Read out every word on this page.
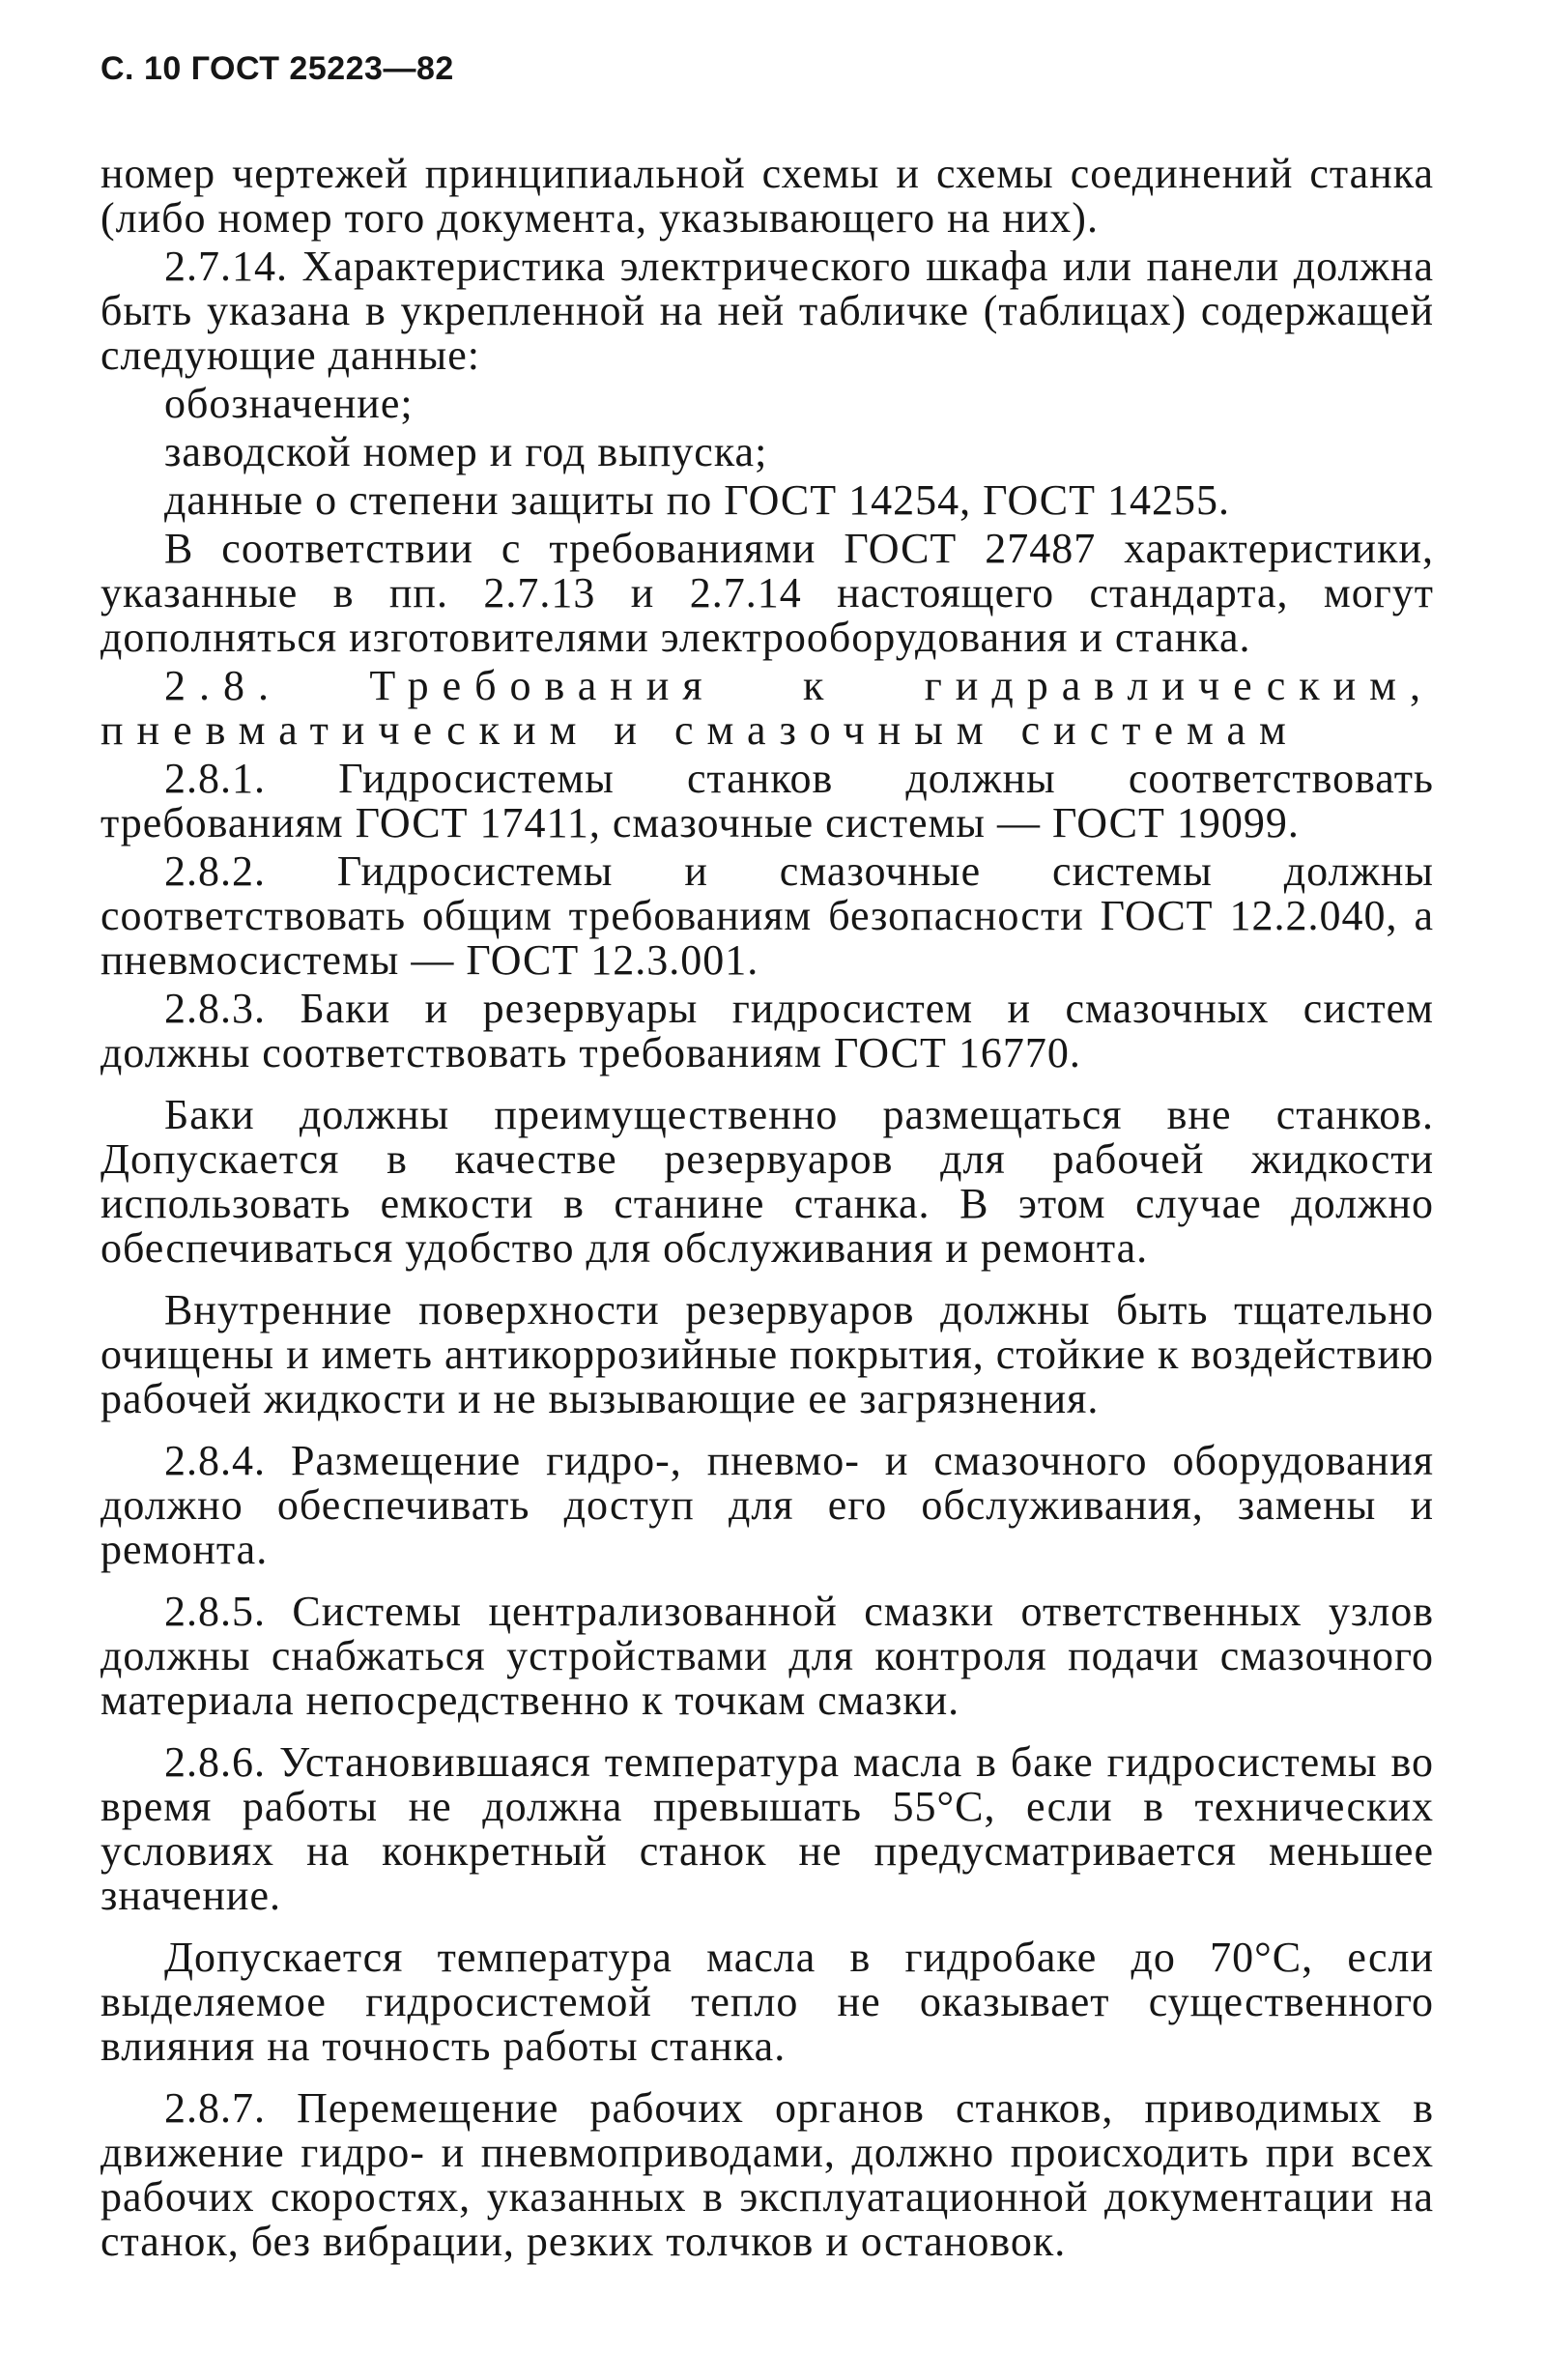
С. 10 ГОСТ 25223—82

номер чертежей принципиальной схемы и схемы соединений станка (либо номер того документа, указывающего на них).

2.7.14. Характеристика электрического шкафа или панели должна быть указана в укрепленной на ней табличке (таблицах) содержащей следующие данные:

обозначение;

заводской номер и год выпуска;

данные о степени защиты по ГОСТ 14254, ГОСТ 14255.

В соответствии с требованиями ГОСТ 27487 характеристики, указанные в пп. 2.7.13 и 2.7.14 настоящего стандарта, могут дополняться изготовителями электрооборудования и станка.

2.8. Требования к гидравлическим, пневматическим и смазочным системам

2.8.1. Гидросистемы станков должны соответствовать требованиям ГОСТ 17411, смазочные системы — ГОСТ 19099.

2.8.2. Гидросистемы и смазочные системы должны соответствовать общим требованиям безопасности ГОСТ 12.2.040, а пневмосистемы — ГОСТ 12.3.001.

2.8.3. Баки и резервуары гидросистем и смазочных систем должны соответствовать требованиям ГОСТ 16770.

Баки должны преимущественно размещаться вне станков. Допускается в качестве резервуаров для рабочей жидкости использовать емкости в станине станка. В этом случае должно обеспечиваться удобство для обслуживания и ремонта.

Внутренние поверхности резервуаров должны быть тщательно очищены и иметь антикоррозийные покрытия, стойкие к воздействию рабочей жидкости и не вызывающие ее загрязнения.

2.8.4. Размещение гидро-, пневмо- и смазочного оборудования должно обеспечивать доступ для его обслуживания, замены и ремонта.

2.8.5. Системы централизованной смазки ответственных узлов должны снабжаться устройствами для контроля подачи смазочного материала непосредственно к точкам смазки.

2.8.6. Установившаяся температура масла в баке гидросистемы во время работы не должна превышать 55°С, если в технических условиях на конкретный станок не предусматривается меньшее значение.

Допускается температура масла в гидробаке до 70°С, если выделяемое гидросистемой тепло не оказывает существенного влияния на точность работы станка.

2.8.7. Перемещение рабочих органов станков, приводимых в движение гидро- и пневмоприводами, должно происходить при всех рабочих скоростях, указанных в эксплуатационной документации на станок, без вибрации, резких толчков и остановок.
